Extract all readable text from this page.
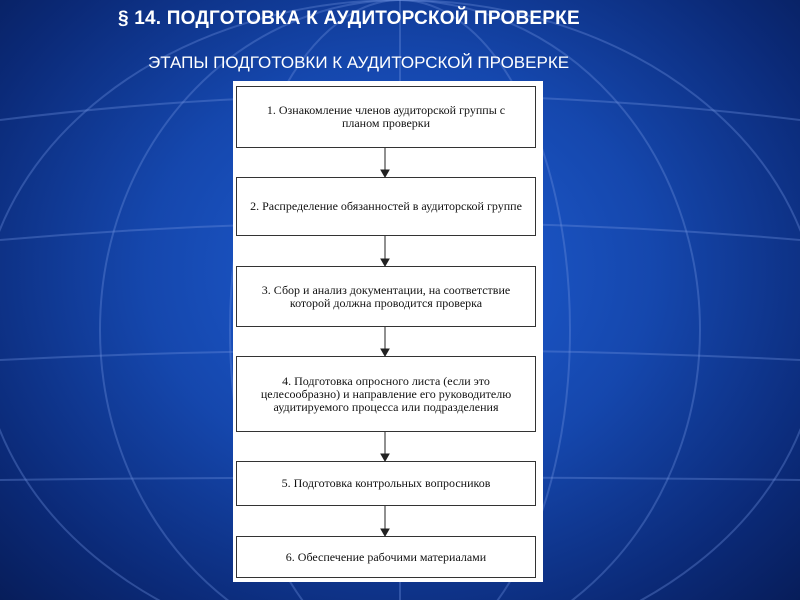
§ 14. ПОДГОТОВКА К АУДИТОРСКОЙ ПРОВЕРКЕ
ЭТАПЫ ПОДГОТОВКИ К АУДИТОРСКОЙ ПРОВЕРКЕ
1. Ознакомление членов аудиторской группы с планом проверки
2. Распределение обязанностей в аудиторской группе
3. Сбор и анализ документации, на соответствие которой должна проводится проверка
4. Подготовка опросного листа (если это целесообразно) и направление его руководителю аудитируемого процесса или подразделения
5. Подготовка контрольных вопросников
6. Обеспечение рабочими материалами
